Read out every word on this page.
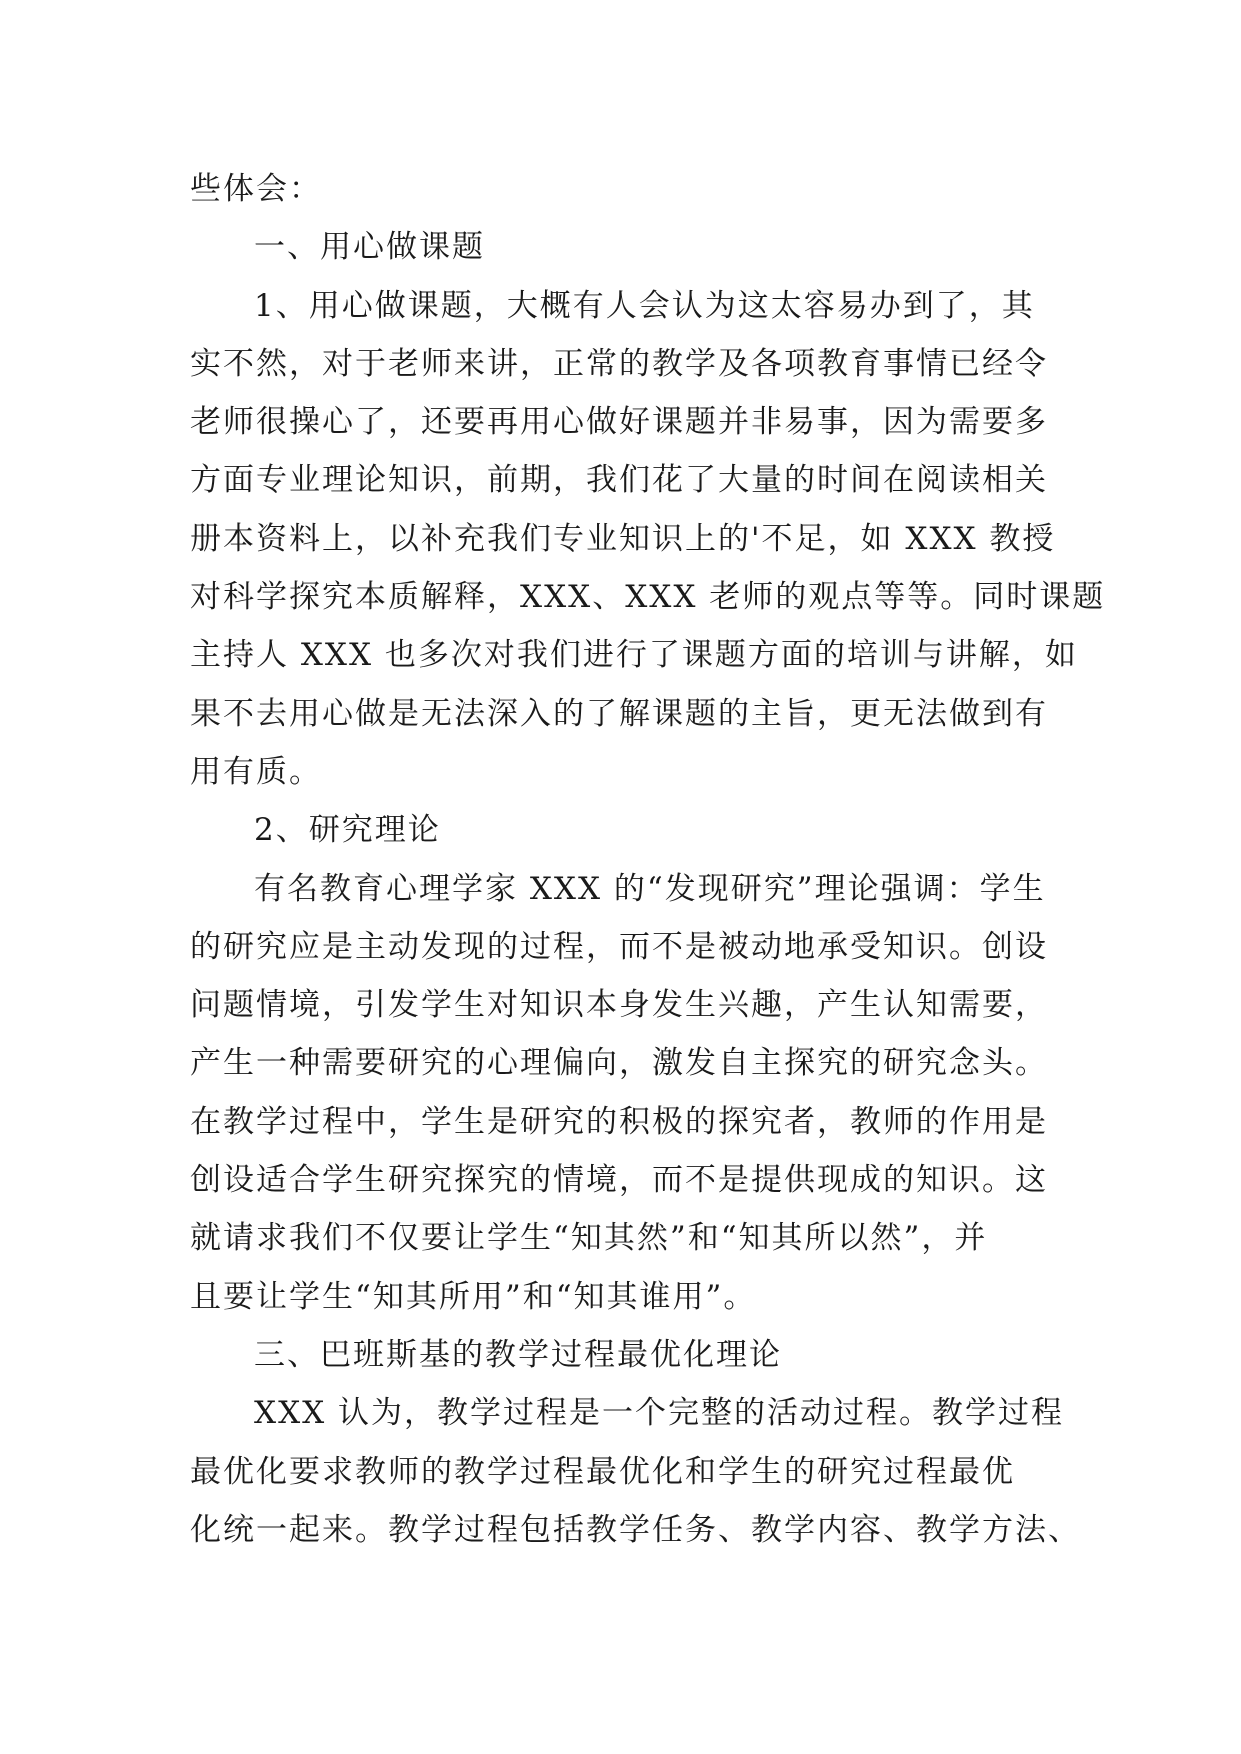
些体会：
一、用心做课题
1、用心做课题，大概有人会认为这太容易办到了，其
实不然，对于老师来讲，正常的教学及各项教育事情已经令
老师很操心了，还要再用心做好课题并非易事，因为需要多
方面专业理论知识，前期，我们花了大量的时间在阅读相关
册本资料上，以补充我们专业知识上的'不足，如 XXX 教授
对科学探究本质解释，XXX、XXX 老师的观点等等。同时课题
主持人 XXX 也多次对我们进行了课题方面的培训与讲解，如
果不去用心做是无法深入的了解课题的主旨，更无法做到有
用有质。
2、研究理论
有名教育心理学家 XXX 的“发现研究”理论强调：学生
的研究应是主动发现的过程，而不是被动地承受知识。创设
问题情境，引发学生对知识本身发生兴趣，产生认知需要，
产生一种需要研究的心理偏向，激发自主探究的研究念头。
在教学过程中，学生是研究的积极的探究者，教师的作用是
创设适合学生研究探究的情境，而不是提供现成的知识。这
就请求我们不仅要让学生“知其然”和“知其所以然”，并
且要让学生“知其所用”和“知其谁用”。
三、巴班斯基的教学过程最优化理论
XXX 认为，教学过程是一个完整的活动过程。教学过程
最优化要求教师的教学过程最优化和学生的研究过程最优
化统一起来。教学过程包括教学任务、教学内容、教学方法、
